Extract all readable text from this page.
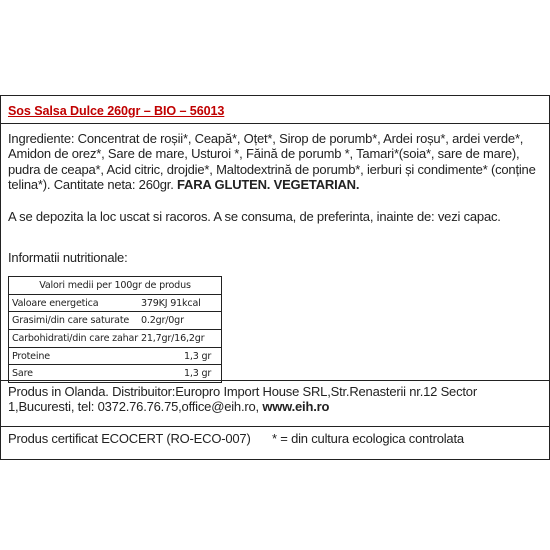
Sos Salsa Dulce 260gr – BIO – 56013

Ingrediente: Concentrat de roșii*, Ceapă*, Oțet*, Sirop de porumb*, Ardei roșu*, ardei verde*, Amidon de orez*, Sare de mare, Usturoi *, Făină de porumb *, Tamari*(soia*, sare de mare), pudra de ceapa*, Acid citric, drojdie*, Maltodextrină de porumb*, ierburi și condimente* (conține telina*). Cantitate neta: 260gr. FARA GLUTEN. VEGETARIAN.

A se depozita la loc uscat si racoros. A se consuma, de preferinta, inainte de: vezi capac.

Informatii nutritionale:

Valori medii per 100gr de produs	
Valoare energetica	379KJ 91kcal
Grasimi/din care saturate	0.2gr/0gr
Carbohidrati/din care zahar	21,7gr/16,2gr
Proteine	1,3 gr
Sare	1,3 gr

Produs in Olanda. Distribuitor:Europro Import House SRL,Str.Renasterii nr.12 Sector 1,Bucuresti, tel: 0372.76.76.75,office@eih.ro, www.eih.ro

Produs certificat ECOCERT (RO-ECO-007) * = din cultura ecologica controlata
